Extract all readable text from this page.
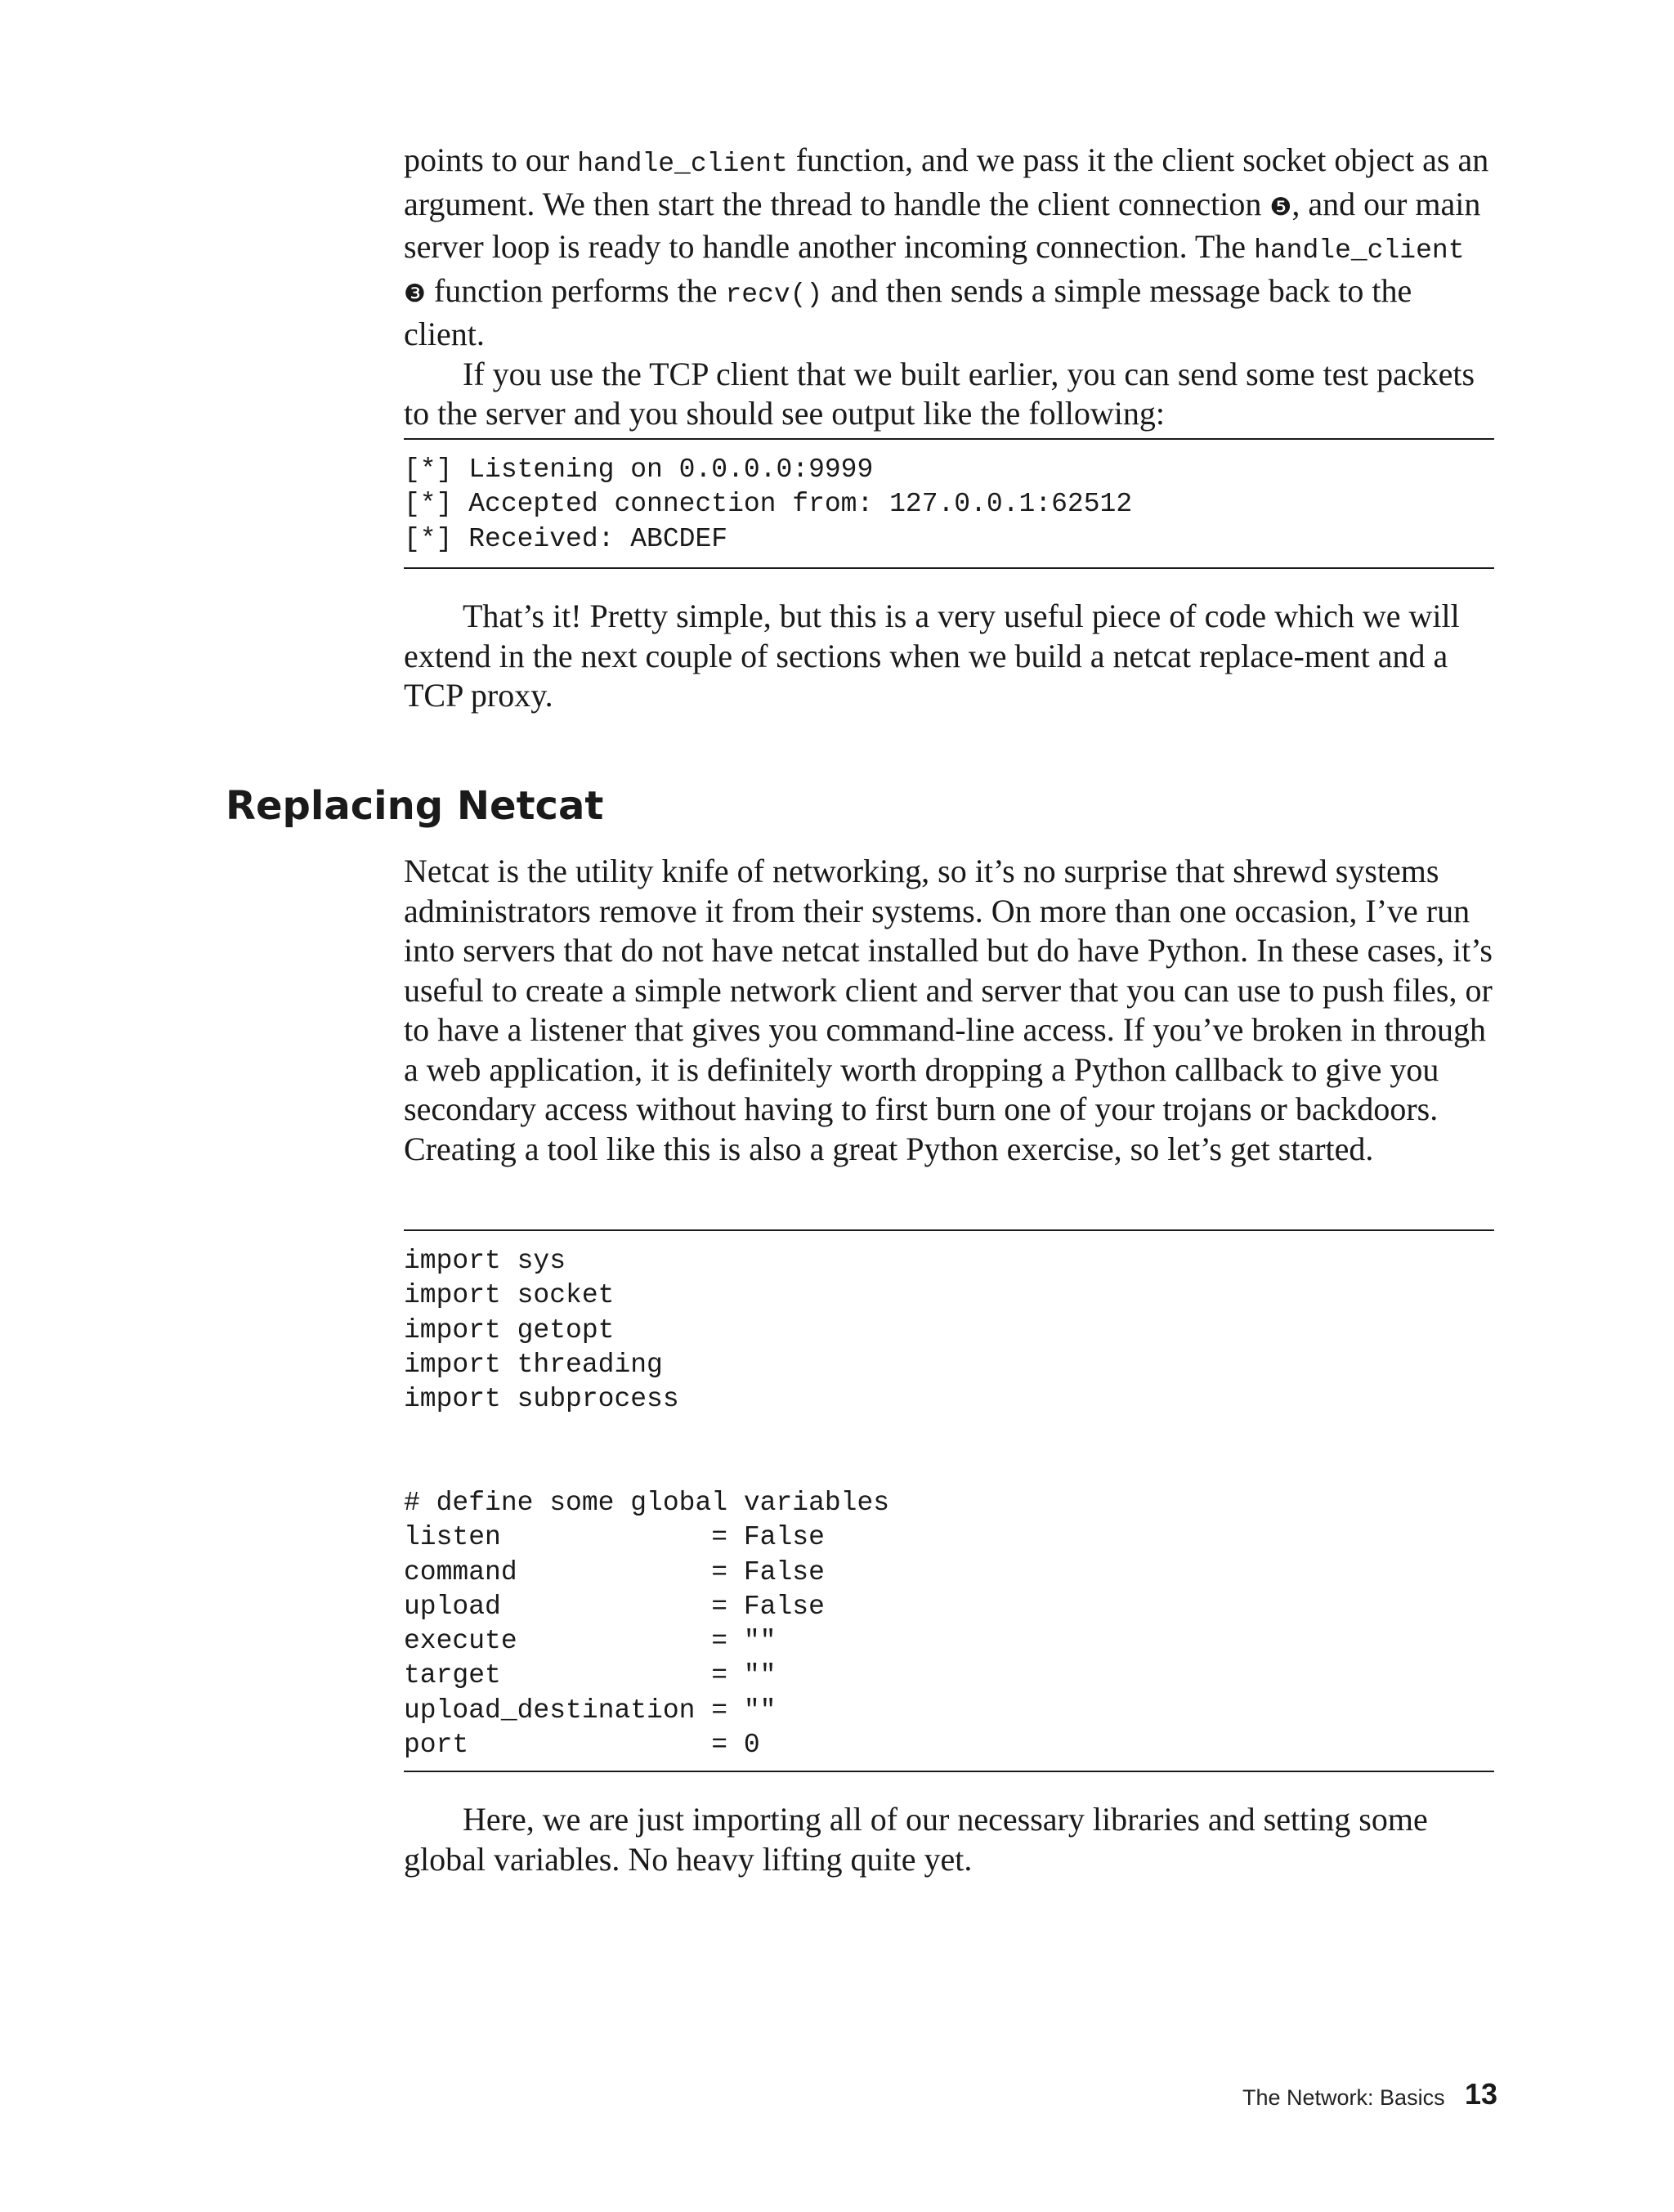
points to our handle_client function, and we pass it the client socket object as an argument. We then start the thread to handle the client connection ❺, and our main server loop is ready to handle another incoming connection. The handle_client ❸ function performs the recv() and then sends a simple message back to the client.

If you use the TCP client that we built earlier, you can send some test packets to the server and you should see output like the following:

[*] Listening on 0.0.0.0:9999
[*] Accepted connection from: 127.0.0.1:62512
[*] Received: ABCDEF

That’s it! Pretty simple, but this is a very useful piece of code which we will extend in the next couple of sections when we build a netcat replace-ment and a TCP proxy.

Replacing Netcat

Netcat is the utility knife of networking, so it’s no surprise that shrewd systems administrators remove it from their systems. On more than one occasion, I’ve run into servers that do not have netcat installed but do have Python. In these cases, it’s useful to create a simple network client and server that you can use to push files, or to have a listener that gives you command-line access. If you’ve broken in through a web application, it is definitely worth dropping a Python callback to give you secondary access without having to first burn one of your trojans or backdoors. Creating a tool like this is also a great Python exercise, so let’s get started.

import sys
import socket
import getopt
import threading
import subprocess
# define some global variables
listen             = False
command            = False
upload             = False
execute            = ""
target             = ""
upload_destination = ""
port               = 0

Here, we are just importing all of our necessary libraries and setting some global variables. No heavy lifting quite yet.

The Network: Basics 13
